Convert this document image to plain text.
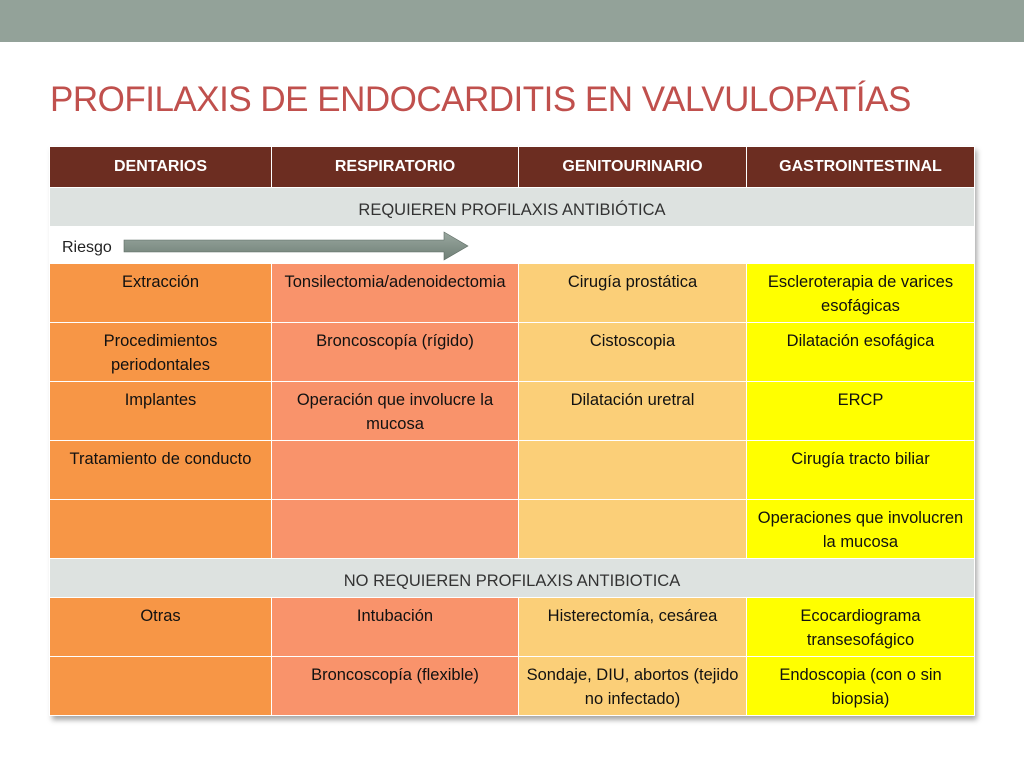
PROFILAXIS DE ENDOCARDITIS EN VALVULOPATÍAS
DENTARIOS	RESPIRATORIO	GENITOURINARIO	GASTROINTESTINAL
REQUIEREN PROFILAXIS ANTIBIÓTICA			

Riesgo			

Extracción	Tonsilectomia/adenoidectomia	Cirugía prostática	Escleroterapia de varices esofágicas
Procedimientos periodontales	Broncoscopía (rígido)	Cistoscopia	Dilatación esofágica
Implantes	Operación que involucre la mucosa	Dilatación uretral	ERCP
Tratamiento de conducto			Cirugía tracto biliar
			Operaciones que involucren la mucosa
NO REQUIEREN PROFILAXIS ANTIBIOTICA			
Otras	Intubación	Histerectomía, cesárea	Ecocardiograma transesofágico
	Broncoscopía (flexible)	Sondaje, DIU, abortos (tejido no infectado)	Endoscopia (con o sin biopsia)
